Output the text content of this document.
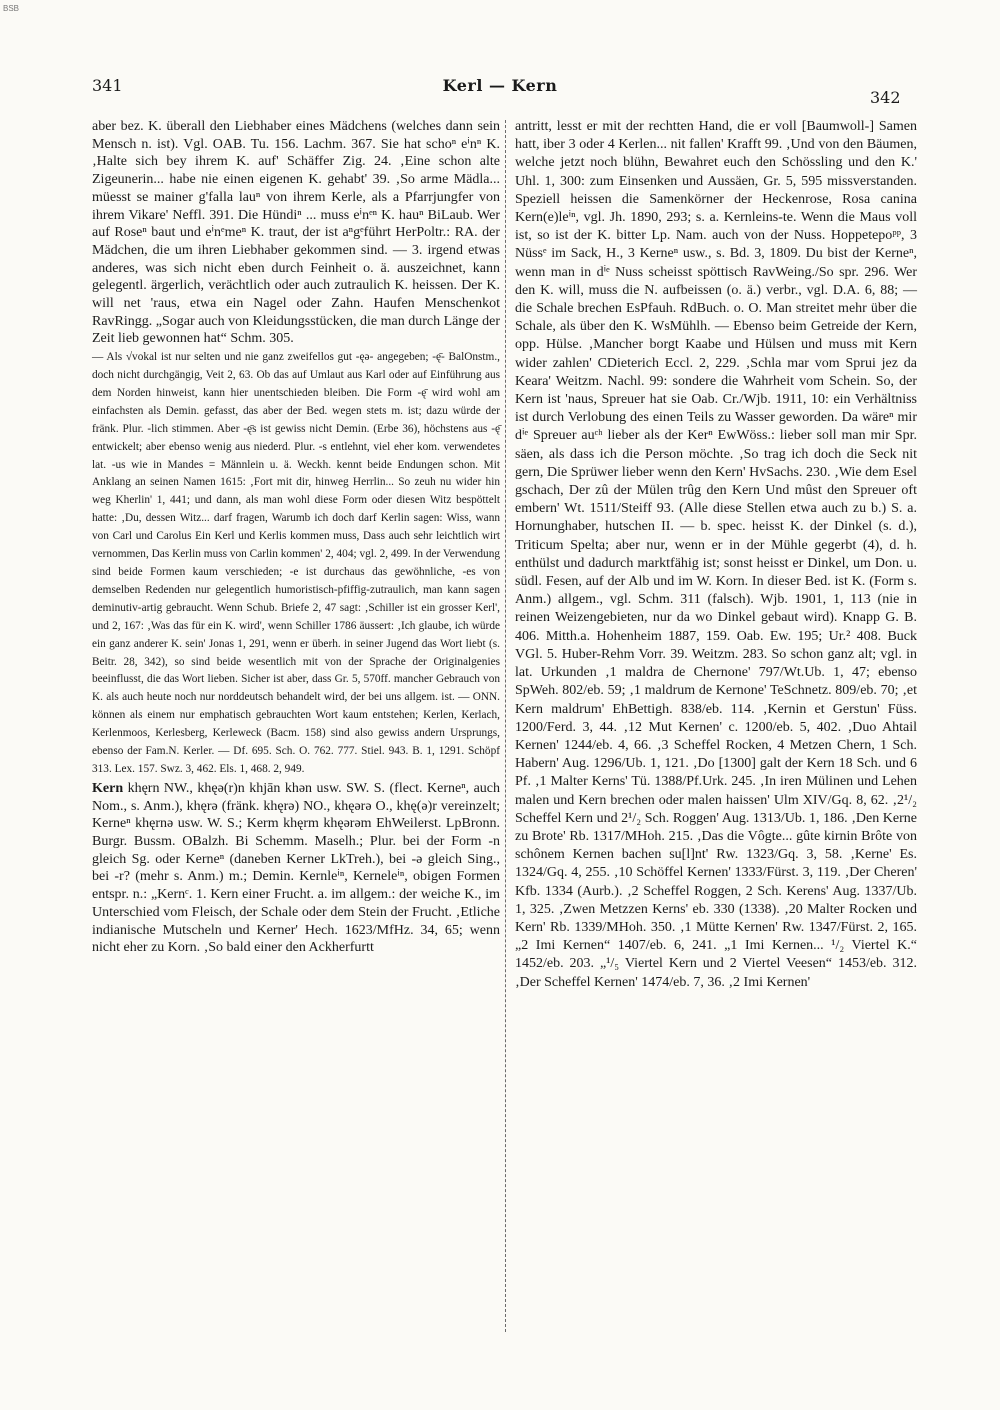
BSB
341	Kerl — Kern
342

aber bez. K. überall den Liebhaber eines Mädchens (welches dann sein Mensch n. ist). Vgl. OAB. Tu. 156. Lachm. 367. Sie hat schoⁿ eⁱnⁿ K. ‚Halte sich bey ihrem K. auf' Schäffer Zig. 24. ‚Eine schon alte Zigeunerin... habe nie einen eigenen K. gehabt' 39. ‚So arme Mädla... müesst se mainer g'falla lauⁿ von ihrem Kerle, als a Pfarrjungfer von ihrem Vikare' Neffl. 391. Die Hündiⁿ ... muss eⁱnᵉⁿ K. hauⁿ BiLaub. Wer auf Roseⁿ baut und eⁱnᵉmeⁿ K. traut, der ist aⁿgᵉführt HerPoltr.: RA. der Mädchen, die um ihren Liebhaber gekommen sind. — 3. irgend etwas anderes, was sich nicht eben durch Feinheit o. ä. auszeichnet, kann gelegentl. ärgerlich, verächtlich oder auch zutraulich K. heissen. Der K. will net 'raus, etwa ein Nagel oder Zahn. Haufen Menschenkot RavRingg. „Sogar auch von Kleidungsstücken, die man durch Länge der Zeit lieb gewonnen hat“ Schm. 305.

— Als √vokal ist nur selten und nie ganz zweifellos gut -ęə- angegeben; -ę̄- BalOnstm., doch nicht durchgängig, Veit 2, 63. Ob das auf Umlaut aus Karl oder auf Einführung aus dem Norden hinweist, kann hier unentschieden bleiben. Die Form -ę̄ wird wohl am einfachsten als Demin. gefasst, das aber der Bed. wegen stets m. ist; dazu würde der fränk. Plur. -lich stimmen. Aber -ę̄s ist gewiss nicht Demin. (Erbe 36), höchstens aus -ę̄ entwickelt; aber ebenso wenig aus niederd. Plur. -s entlehnt, viel eher kom. verwendetes lat. -us wie in Mandes = Männlein u. ä. Weckh. kennt beide Endungen schon. Mit Anklang an seinen Namen 1615: ‚Fort mit dir, hinweg Herrlin... So zeuh nu wider hin weg Kherlin' 1, 441; und dann, als man wohl diese Form oder diesen Witz bespöttelt hatte: ‚Du, dessen Witz... darf fragen, Warumb ich doch darf Kerlin sagen: Wiss, wann von Carl und Carolus Ein Kerl und Kerlis kommen muss, Dass auch sehr leichtlich wirt vernommen, Das Kerlin muss von Carlin kommen' 2, 404; vgl. 2, 499. In der Verwendung sind beide Formen kaum verschieden; -e ist durchaus das gewöhnliche, -es von demselben Redenden nur gelegentlich humoristisch-pfiffig-zutraulich, man kann sagen deminutiv-artig gebraucht. Wenn Schub. Briefe 2, 47 sagt: ‚Schiller ist ein grosser Kerl', und 2, 167: ‚Was das für ein K. wird', wenn Schiller 1786 äussert: ‚Ich glaube, ich würde ein ganz anderer K. sein' Jonas 1, 291, wenn er überh. in seiner Jugend das Wort liebt (s. Beitr. 28, 342), so sind beide wesentlich mit von der Sprache der Originalgenies beeinflusst, die das Wort lieben. Sicher ist aber, dass Gr. 5, 570ff. mancher Gebrauch von K. als auch heute noch nur norddeutsch behandelt wird, der bei uns allgem. ist. — ONN. können als einem nur emphatisch gebrauchten Wort kaum entstehen; Kerlen, Kerlach, Kerlenmoos, Kerlesberg, Kerleweck (Bacm. 158) sind also gewiss andern Ursprungs, ebenso der Fam.N. Kerler. — Df. 695. Sch. O. 762. 777. Stiel. 943. B. 1, 1291. Schöpf 313. Lex. 157. Swz. 3, 462. Els. 1, 468. 2, 949.

Kern khęrn NW., khęə(r)n khjān khən usw. SW. S. (flect. Kerneⁿ, auch Nom., s. Anm.), khęrə (fränk. khęrə) NO., khęərə O., khę(ə)r vereinzelt; Kerneⁿ khęrnə usw. W. S.; Kerm khęrm khęərəm EhWeilerst. LpBronn. Burgr. Bussm. OBalzh. Bi Schemm. Maselh.; Plur. bei der Form -n gleich Sg. oder Kerneⁿ (daneben Kerner LkTreh.), bei -ə gleich Sing., bei -r? (mehr s. Anm.) m.; Demin. Kernleⁱⁿ, Kerneleⁱⁿ, obigen Formen entspr. n.: „Kernᶜ. 1. Kern einer Frucht. a. im allgem.: der weiche K., im Unterschied vom Fleisch, der Schale oder dem Stein der Frucht. ‚Etliche indianische Mutscheln und Kerner' Hech. 1623/MfHz. 34, 65; wenn nicht eher zu Korn. ‚So bald einer den Ackherfurtt

antritt, lesst er mit der rechtten Hand, die er voll [Baumwoll-] Samen hatt, iber 3 oder 4 Kerlen... nit fallen' Krafft 99. ‚Und von den Bäumen, welche jetzt noch blühn, Bewahret euch den Schössling und den K.' Uhl. 1, 300: zum Einsenken und Aussäen, Gr. 5, 595 missverstanden. Speziell heissen die Samenkörner der Heckenrose, Rosa canina Kern(e)leⁱⁿ, vgl. Jh. 1890, 293; s. a. Kernleins-te. Wenn die Maus voll ist, so ist der K. bitter Lp. Nam. auch von der Nuss. Hoppetepoᵖᵖ, 3 Nüssᵉ im Sack, H., 3 Kerneⁿ usw., s. Bd. 3, 1809. Du bist der Kerneⁿ, wenn man in dⁱᵉ Nuss scheisst spöttisch RavWeing./So spr. 296. Wer den K. will, muss die N. aufbeissen (o. ä.) verbr., vgl. D.A. 6, 88; — die Schale brechen EsPfauh. RdBuch. o. O. Man streitet mehr über die Schale, als über den K. WsMühlh. — Ebenso beim Getreide der Kern, opp. Hülse. ‚Mancher borgt Kaabe und Hülsen und muss mit Kern wider zahlen' CDieterich Eccl. 2, 229. ‚Schla mar vom Sprui jez da Keara' Weitzm. Nachl. 99: sondere die Wahrheit vom Schein. So, der Kern ist 'naus, Spreuer hat sie Oab. Cr./Wjb. 1911, 10: ein Verhältniss ist durch Verlobung des einen Teils zu Wasser geworden. Da wäreⁿ mir dⁱᵉ Spreuer auᶜʰ lieber als der Kerⁿ EwWöss.: lieber soll man mir Spr. säen, als dass ich die Person möchte. ‚So trag ich doch die Seck nit gern, Die Sprüwer lieber wenn den Kern' HvSachs. 230. ‚Wie dem Esel gschach, Der zû der Mülen trûg den Kern Und mûst den Spreuer oft embern' Wt. 1511/Steiff 93. (Alle diese Stellen etwa auch zu b.) S. a. Hornunghaber, hutschen II. — b. spec. heisst K. der Dinkel (s. d.), Triticum Spelta; aber nur, wenn er in der Mühle gegerbt (4), d. h. enthülst und dadurch marktfähig ist; sonst heisst er Dinkel, um Don. u. südl. Fesen, auf der Alb und im W. Korn. In dieser Bed. ist K. (Form s. Anm.) allgem., vgl. Schm. 311 (falsch). Wjb. 1901, 1, 113 (nie in reinen Weizengebieten, nur da wo Dinkel gebaut wird). Knapp G. B. 406. Mitth.a. Hohenheim 1887, 159. Oab. Ew. 195; Ur.² 408. Buck VGl. 5. Huber-Rehm Vorr. 39. Weitzm. 283. So schon ganz alt; vgl. in lat. Urkunden ‚1 maldra de Chernone' 797/Wt.Ub. 1, 47; ebenso SpWeh. 802/eb. 59; ‚1 maldrum de Kernone' TeSchnetz. 809/eb. 70; ‚et Kern maldrum' EhBettigh. 838/eb. 114. ‚Kernin et Gerstun' Füss. 1200/Ferd. 3, 44. ‚12 Mut Kernen' c. 1200/eb. 5, 402. ‚Duo Ahtail Kernen' 1244/eb. 4, 66. ‚3 Scheffel Rocken, 4 Metzen Chern, 1 Sch. Habern' Aug. 1296/Ub. 1, 121. ‚Do [1300] galt der Kern 18 Sch. und 6 Pf. ‚1 Malter Kerns' Tü. 1388/Pf.Urk. 245. ‚In iren Mülinen und Lehen malen und Kern brechen oder malen haissen' Ulm XIV/Gq. 8, 62. ‚2¹/₂ Scheffel Kern und 2¹/₂ Sch. Roggen' Aug. 1313/Ub. 1, 186. ‚Den Kerne zu Brote' Rb. 1317/MHoh. 215. ‚Das die Vôgte... gûte kirnin Brôte von schônem Kernen bachen su[l]nt' Rw. 1323/Gq. 3, 58. ‚Kerne' Es. 1324/Gq. 4, 255. ‚10 Schöffel Kernen' 1333/Fürst. 3, 119. ‚Der Cheren' Kfb. 1334 (Aurb.). ‚2 Scheffel Roggen, 2 Sch. Kerens' Aug. 1337/Ub. 1, 325. ‚Zwen Metzzen Kerns' eb. 330 (1338). ‚20 Malter Rocken und Kern' Rb. 1339/MHoh. 350. ‚1 Mütte Kernen' Rw. 1347/Fürst. 2, 165. „2 Imi Kernen“ 1407/eb. 6, 241. „1 Imi Kernen... ¹/₂ Viertel K.“ 1452/eb. 203. „¹/₅ Viertel Kern und 2 Viertel Veesen“ 1453/eb. 312. ‚Der Scheffel Kernen' 1474/eb. 7, 36. ‚2 Imi Kernen'
